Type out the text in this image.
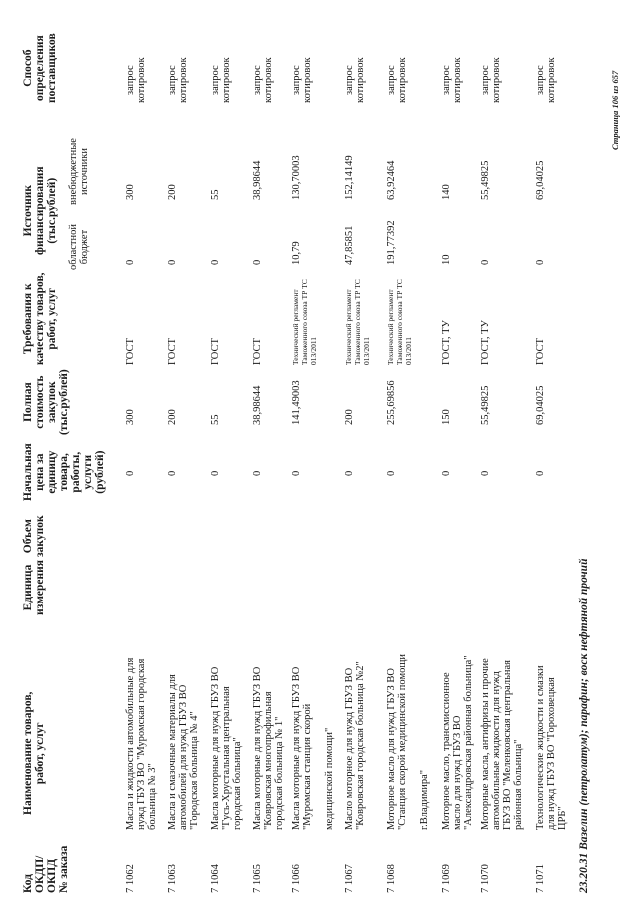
Код
ОКДП/
ОКПД
№ заказа
Наименование товаров,
работ, услуг
Единица
измерения
Объем
закупок
Начальная
цена за
единицу
товара,
работы,
услуги
(рублей)
Полная
стоимость
закупок
(тыс.рублей)
Требования к
качеству товаров,
работ, услуг
Источник
финансирования
(тыс.рублей)
областной
бюджет
внебюджетные
источники
Способ
определения
поставщиков
7 1062
Масла и жидкости автомобильные для
нужд ГБУЗ ВО "Муромская городская
больница № 3"
0
300
ГОСТ
0
300
запрос
котировок
7 1063
Масла и смазочные материалы для
автомобилей для нужд ГБУЗ ВО
"Городская больница № 4"
0
200
ГОСТ
0
200
запрос
котировок
7 1064
Масла моторные для нужд ГБУЗ ВО
"Гусь-Хрустальная центральная
городская больница"
0
55
ГОСТ
0
55
запрос
котировок
7 1065
Масла моторные для нужд ГБУЗ ВО
"Ковровская многопрофильная
городская больница № 1"
0
38,98644
ГОСТ
0
38,98644
запрос
котировок
7 1066
Масла моторные для нужд ГБУЗ ВО
"Муромская станция скорой медицинской помощи"
0
141,49003
Технический регламент
Таможенного союза ТР ТС
013/2011
10,79
130,70003
запрос
котировок
7 1067
Масло моторное для нужд ГБУЗ ВО
"Ковровская городская больница №2"
0
200
Технический регламент
Таможенного союза ТР ТС
013/2011
47,85851
152,14149
запрос
котировок
7 1068
Моторное масло для нужд ГБУЗ ВО
"Станция скорой медицинской помощи г.Владимира"
0
255,69856
Технический регламент
Таможенного союза ТР ТС
013/2011
191,77392
63,92464
запрос
котировок
7 1069
Моторное масло, трансмиссионное
масло для нужд ГБУЗ ВО
"Александровская районная больница"
0
150
ГОСТ, ТУ
10
140
запрос
котировок
7 1070
Моторные масла, антифризы и прочие
автомобильные жидкости для нужд
ГБУЗ ВО "Меленковская центральная
районная больница"
0
55,49825
ГОСТ, ТУ
0
55,49825
запрос
котировок
7 1071
Технологические жидкости и смазки
для нужд ГБУЗ ВО "Гороховецкая
ЦРБ"
0
69,04025
ГОСТ
0
69,04025
запрос
котировок
23.20.31 Вазелин (петролатум); парафин; воск нефтяной прочий
Страница 106 из 657
